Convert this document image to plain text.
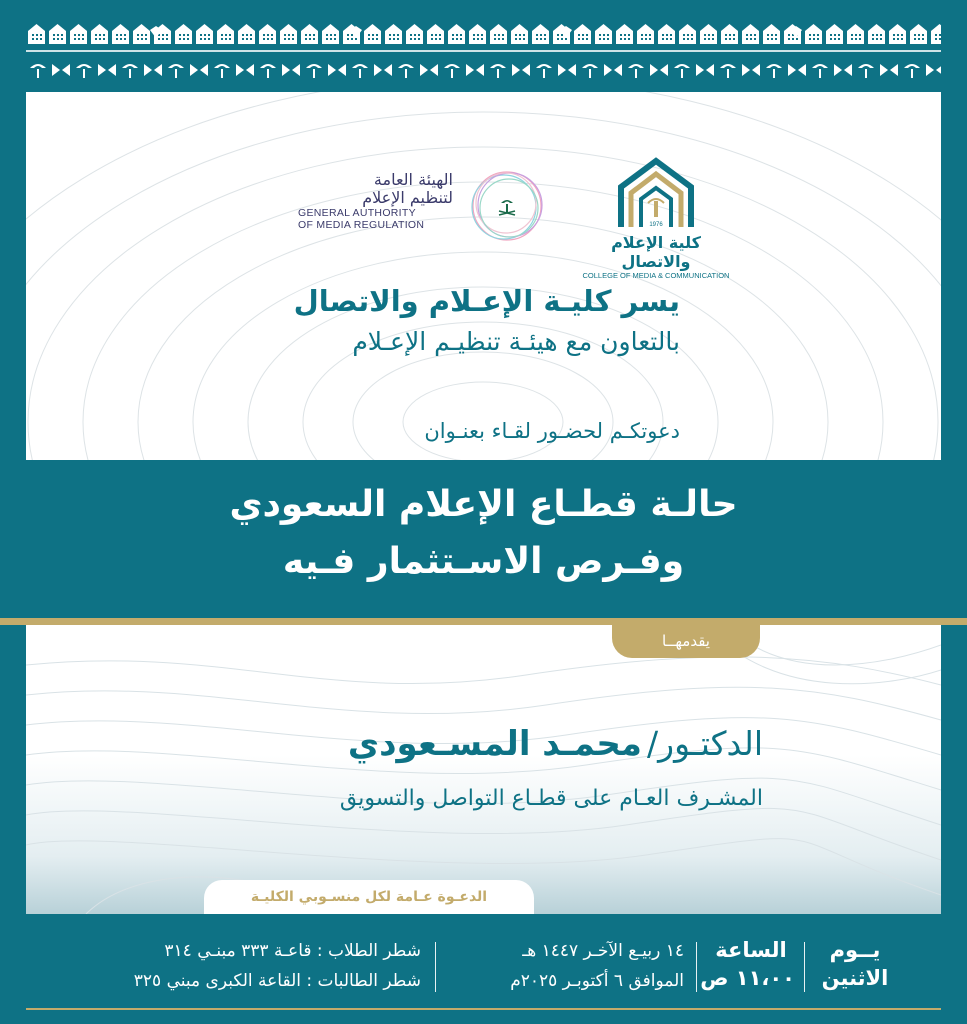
1976
كلية الإعلام والاتصال
COLLEGE OF MEDIA & COMMUNICATION
الهيئة العامة
لتنظيم الإعلام
GENERAL AUTHORITY
OF MEDIA REGULATION
يسر كليـة الإعـلام والاتصال
بالتعاون مع هيئـة تنظيـم الإعـلام
دعوتكـم لحضـور لقـاء بعنـوان
حالـة قطـاع الإعلام السعودي
وفـرص الاسـتثمار فـيه
يقدمهــا
الدكتـور/ محمـد المسـعودي
المشـرف العـام على قطـاع التواصل والتسويق
الدعـوة عـامة لكل منسـوبي الكليـة
يــوم
الاثنين
الساعة
١١،٠٠ ص
١٤ ربيـع الآخـر ١٤٤٧ هـ
الموافق ٦ أكتوبـر ٢٠٢٥م
شطر الطلاب : قاعـة ٣٣٣ مبنـي ٣١٤
شطر الطالبات : القاعة الكبرى مبني ٣٢٥
